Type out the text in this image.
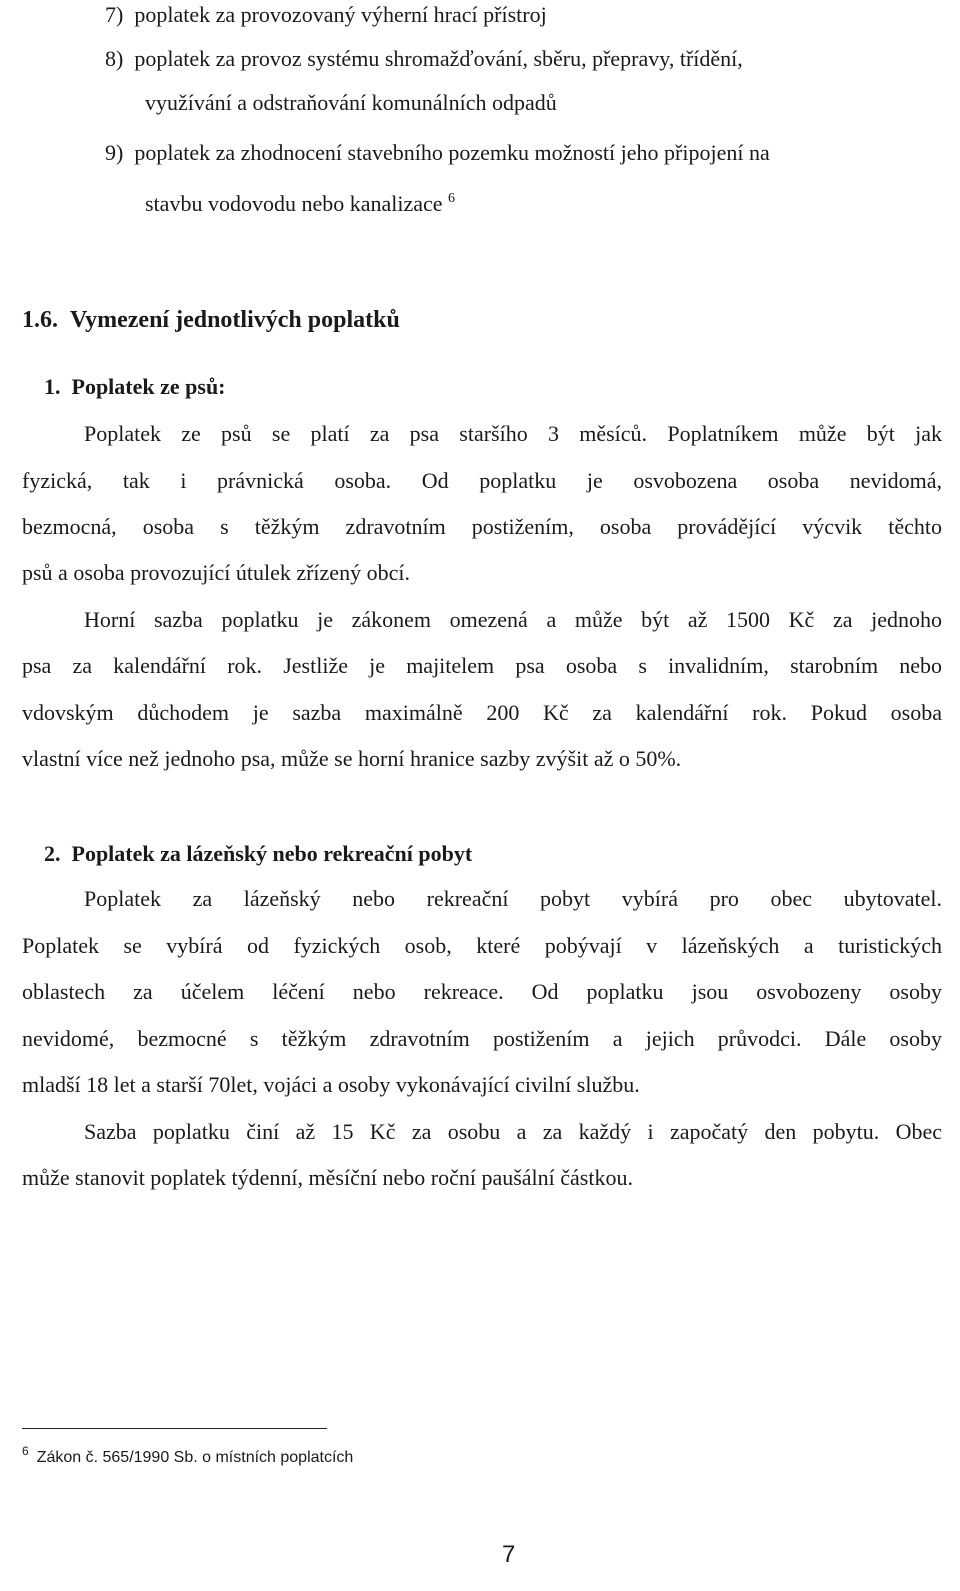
7)  poplatek za provozovaný výherní hrací přístroj
8)  poplatek za provoz systému shromažďování, sběru, přepravy, třídění,
využívání a odstraňování komunálních odpadů
9)  poplatek za zhodnocení stavebního pozemku možností jeho připojení na
stavbu vodovodu nebo kanalizace $^6$
1.6.  Vymezení jednotlivých poplatků
1.  Poplatek ze psů:
Poplatek ze psů se platí za psa staršího 3 měsíců. Poplatníkem může být jak
fyzická, tak i právnická osoba. Od poplatku je osvobozena osoba nevidomá,
bezmocná, osoba s těžkým zdravotním postižením, osoba provádějící výcvik těchto
psů a osoba provozující útulek zřízený obcí.
Horní sazba poplatku je zákonem omezená a může být až 1500 Kč za jednoho
psa za kalendářní rok. Jestliže je majitelem psa osoba s invalidním, starobním nebo
vdovským důchodem je sazba maximálně 200 Kč za kalendářní rok. Pokud osoba
vlastní více než jednoho psa, může se horní hranice sazby zvýšit až o 50%.
2.  Poplatek za lázeňský nebo rekreační pobyt
Poplatek za lázeňský nebo rekreační pobyt vybírá pro obec ubytovatel.
Poplatek se vybírá od fyzických osob, které pobývají v lázeňských a turistických
oblastech za účelem léčení nebo rekreace. Od poplatku jsou osvobozeny osoby
nevidomé, bezmocné s těžkým zdravotním postižením a jejich průvodci. Dále osoby
mladší 18 let a starší 70let, vojáci a osoby vykonávající civilní službu.
Sazba poplatku činí až 15 Kč za osobu a za každý i započatý den pobytu. Obec
může stanovit poplatek týdenní, měsíční nebo roční paušální částkou.
$^6$ Zákon č. 565/1990 Sb. o místních poplatcích
7
